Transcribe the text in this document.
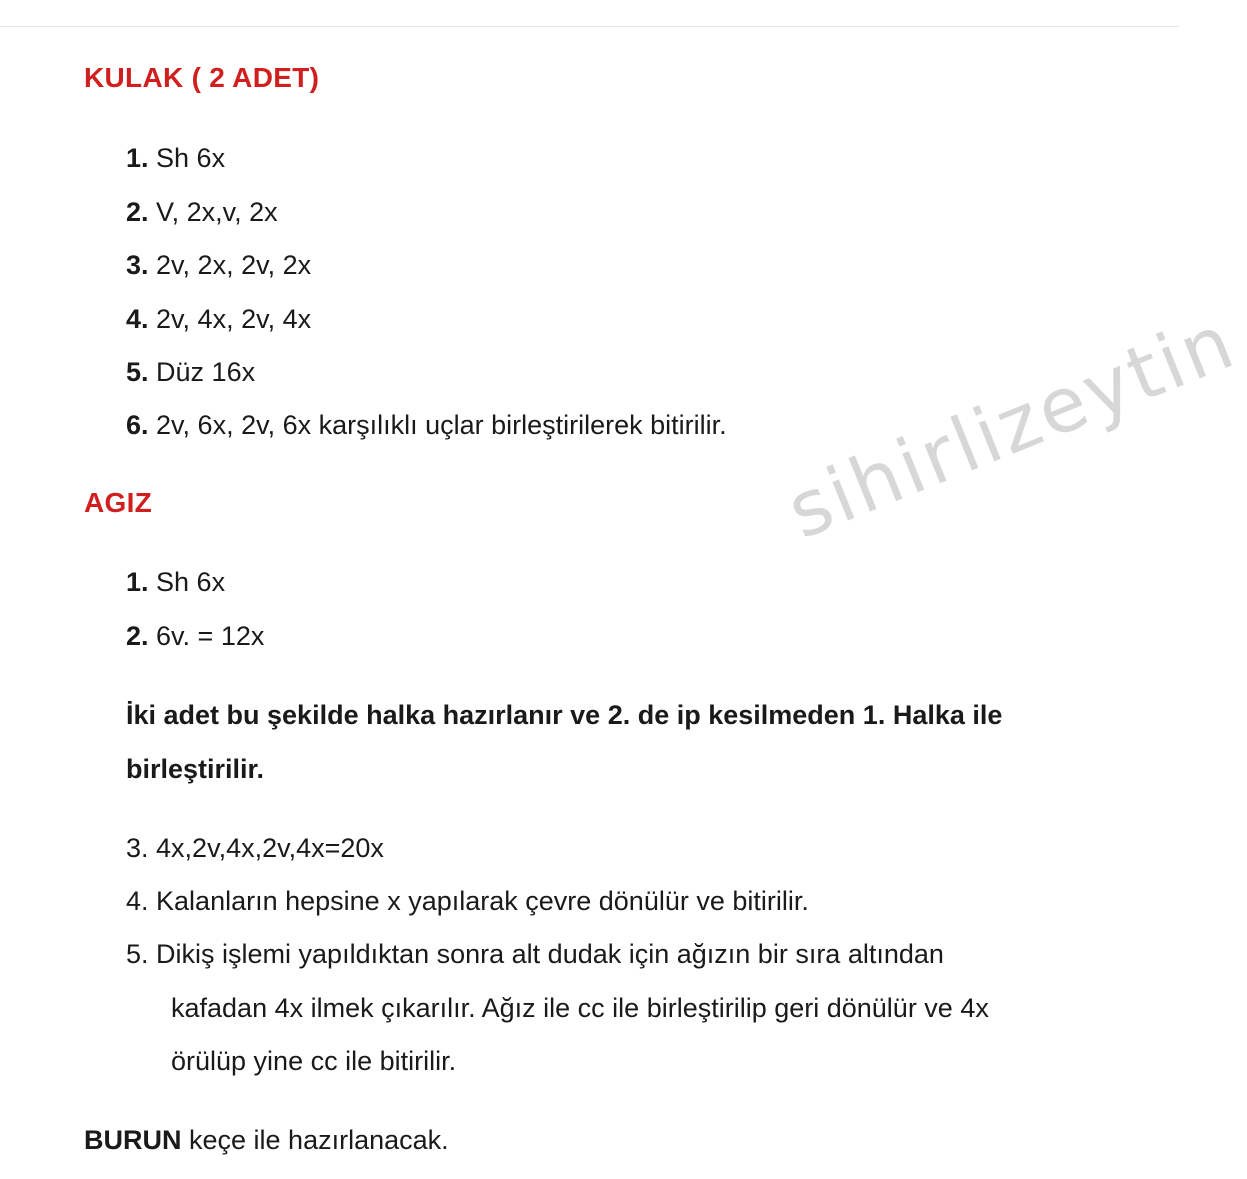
sihirlizeytin
KULAK ( 2 ADET)
1. Sh 6x
2. V, 2x,v, 2x
3. 2v, 2x, 2v, 2x
4. 2v, 4x, 2v, 4x
5. Düz 16x
6. 2v, 6x, 2v, 6x karşılıklı uçlar birleştirilerek bitirilir.
AGIZ
1. Sh 6x
2. 6v. = 12x
İki adet bu şekilde halka hazırlanır ve 2. de ip kesilmeden 1. Halka ile
birleştirilir.
3. 4x,2v,4x,2v,4x=20x
4. Kalanların hepsine x yapılarak çevre dönülür ve bitirilir.
5. Dikiş işlemi yapıldıktan sonra alt dudak için ağızın bir sıra altından
kafadan 4x ilmek çıkarılır. Ağız ile cc ile birleştirilip geri dönülür ve 4x
örülüp yine cc ile bitirilir.
BURUN keçe ile hazırlanacak.
